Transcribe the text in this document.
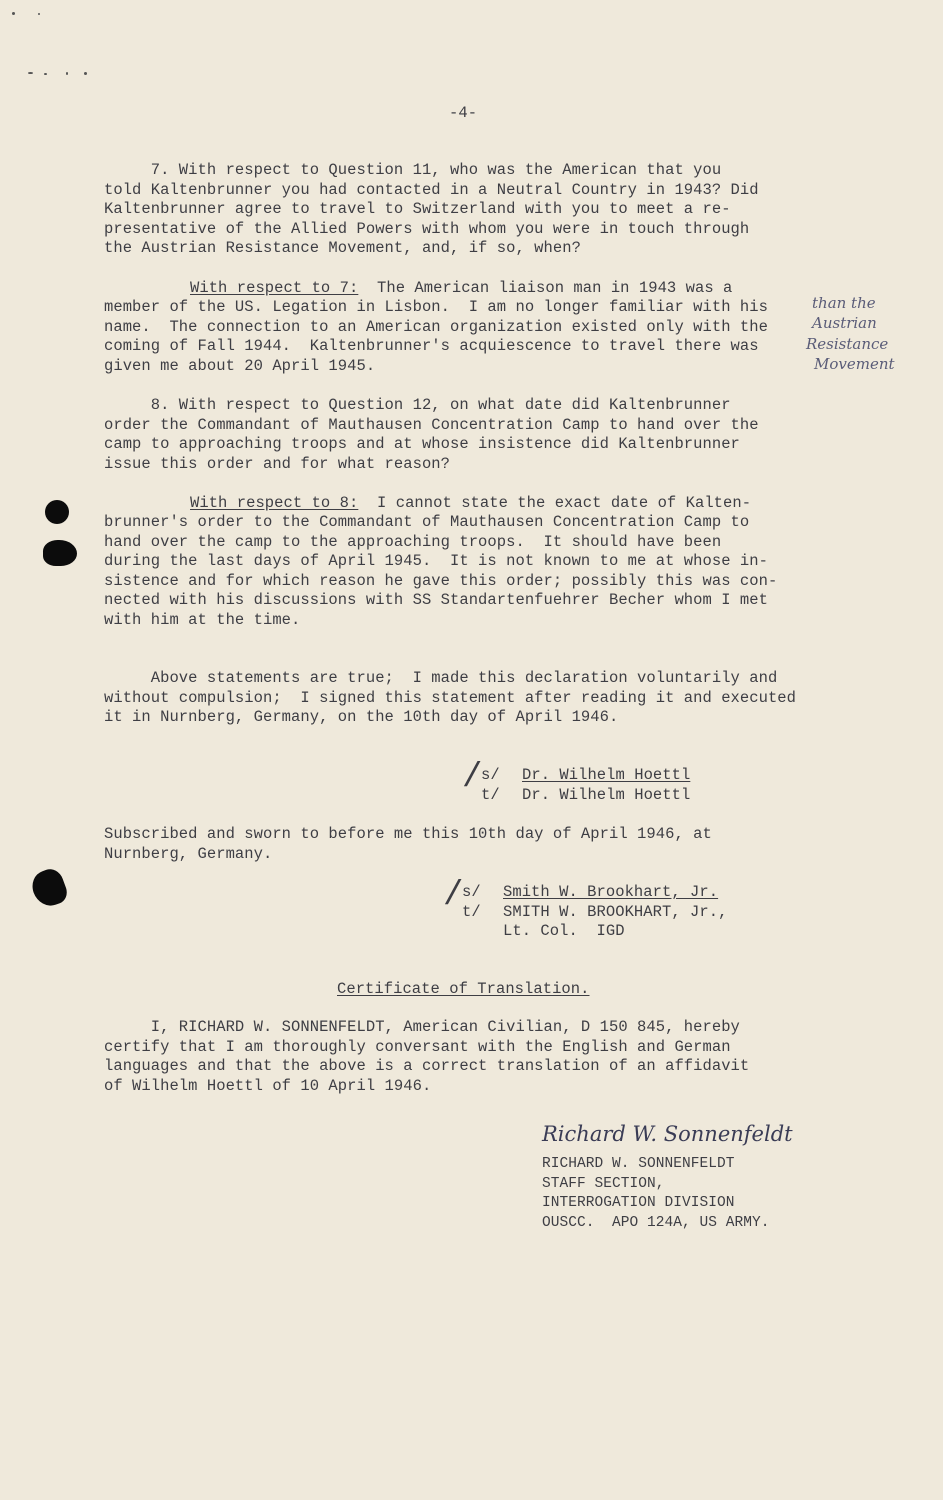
-4-
7. With respect to Question 11, who was the American that you
told Kaltenbrunner you had contacted in a Neutral Country in 1943? Did
Kaltenbrunner agree to travel to Switzerland with you to meet a re-
presentative of the Allied Powers with whom you were in touch through
the Austrian Resistance Movement, and, if so, when?
With respect to 7:  The American liaison man in 1943 was a
member of the US. Legation in Lisbon.  I am no longer familiar with his
name.  The connection to an American organization existed only with the
coming of Fall 1944.  Kaltenbrunner's acquiescence to travel there was
given me about 20 April 1945.
than the
Austrian
Resistance
Movement
8. With respect to Question 12, on what date did Kaltenbrunner
order the Commandant of Mauthausen Concentration Camp to hand over the
camp to approaching troops and at whose insistence did Kaltenbrunner
issue this order and for what reason?
With respect to 8:  I cannot state the exact date of Kalten-
brunner's order to the Commandant of Mauthausen Concentration Camp to
hand over the camp to the approaching troops.  It should have been
during the last days of April 1945.  It is not known to me at whose in-
sistence and for which reason he gave this order; possibly this was con-
nected with his discussions with SS Standartenfuehrer Becher whom I met
with him at the time.
Above statements are true;  I made this declaration voluntarily and
without compulsion;  I signed this statement after reading it and executed
it in Nurnberg, Germany, on the 10th day of April 1946.
/
s/
t/
Dr. Wilhelm Hoettl
Dr. Wilhelm Hoettl
Subscribed and sworn to before me this 10th day of April 1946, at
Nurnberg, Germany.
/
s/
t/
Smith W. Brookhart, Jr.
SMITH W. BROOKHART, Jr.,
Lt. Col.  IGD
Certificate of Translation.
I, RICHARD W. SONNENFELDT, American Civilian, D 150 845, hereby
certify that I am thoroughly conversant with the English and German
languages and that the above is a correct translation of an affidavit
of Wilhelm Hoettl of 10 April 1946.
Richard W. Sonnenfeldt
RICHARD W. SONNENFELDT
STAFF SECTION,
INTERROGATION DIVISION
OUSCC.  APO 124A, US ARMY.
